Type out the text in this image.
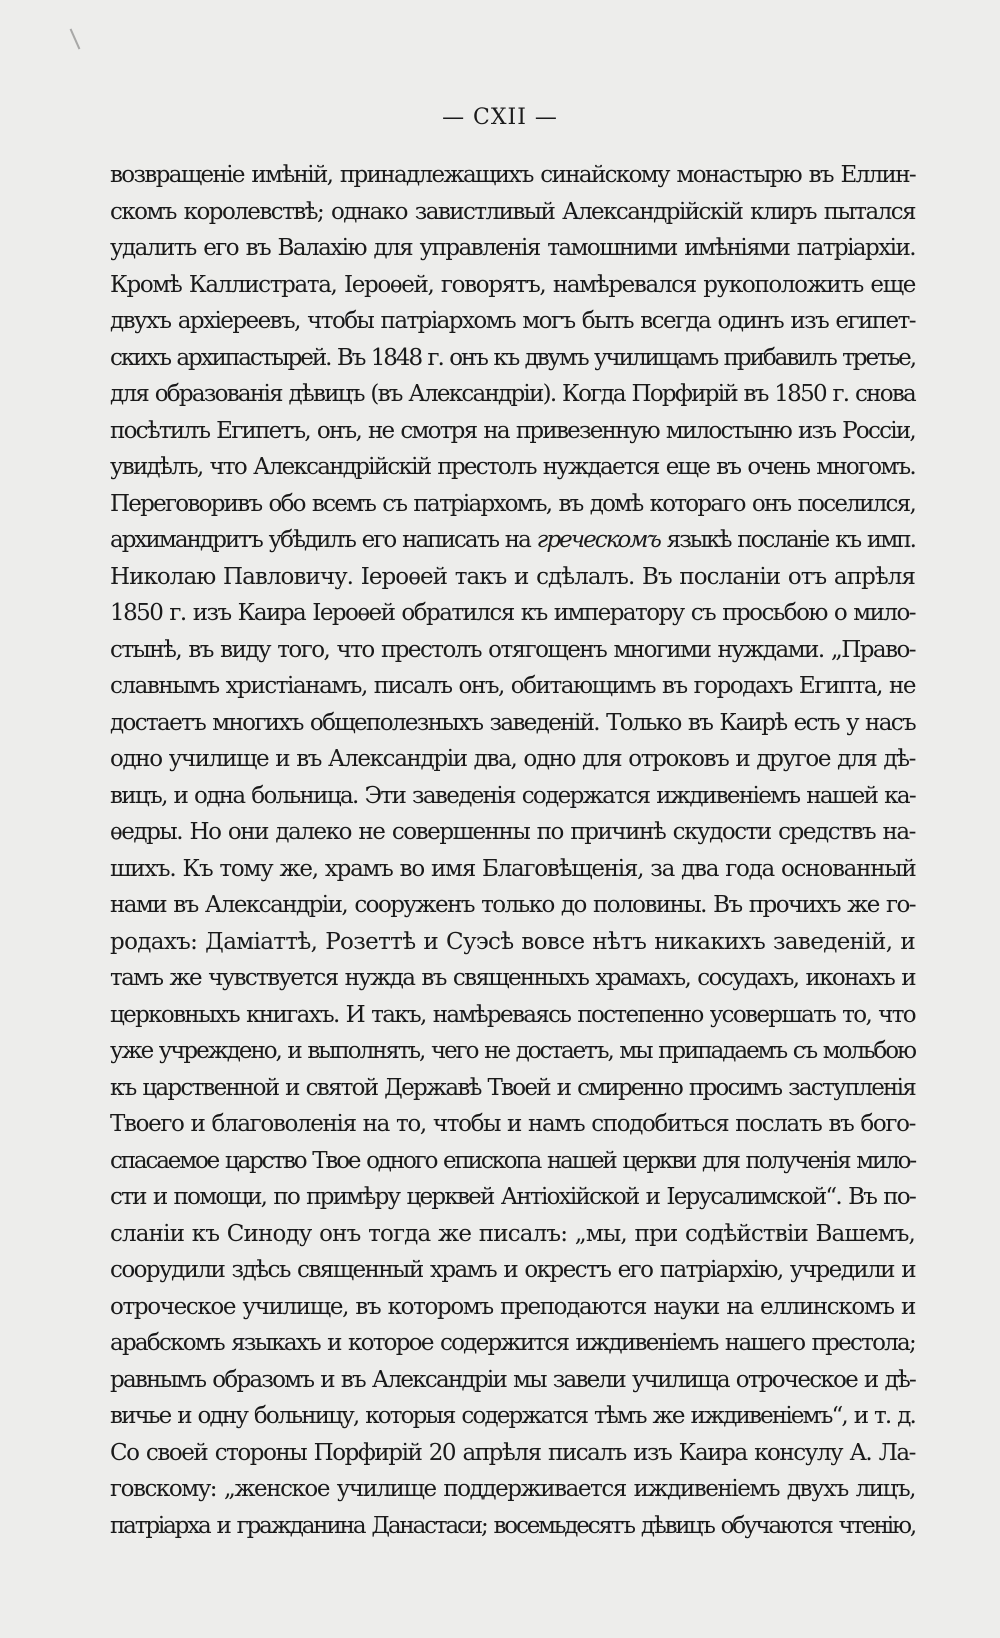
— CXII —
возвращеніе имѣній, принадлежащихъ синайскому монастырю въ Еллин-
скомъ королевствѣ; однако завистливый Александрійскій клиръ пытался
удалить его въ Валахію для управленія тамошними имѣніями патріархіи.
Кромѣ Каллистрата, Іероѳей, говорятъ, намѣревался рукоположить еще
двухъ архіереевъ, чтобы патріархомъ могъ быть всегда одинъ изъ египет-
скихъ архипастырей. Въ 1848 г. онъ къ двумъ училищамъ прибавилъ третье,
для образованія дѣвицъ (въ Александріи). Когда Порфирій въ 1850 г. снова
посѣтилъ Египетъ, онъ, не смотря на привезенную милостыню изъ Россіи,
увидѣлъ, что Александрійскій престолъ нуждается еще въ очень многомъ.
Переговоривъ обо всемъ съ патріархомъ, въ домѣ котораго онъ поселился,
архимандритъ убѣдилъ его написать на греческомъ языкѣ посланіе къ имп.
Николаю Павловичу. Іероѳей такъ и сдѣлалъ. Въ посланіи отъ апрѣля
1850 г. изъ Каира Іероѳей обратился къ императору съ просьбою о мило-
стынѣ, въ виду того, что престолъ отягощенъ многими нуждами. „Право-
славнымъ христіанамъ, писалъ онъ, обитающимъ въ городахъ Египта, не
достаетъ многихъ общеполезныхъ заведеній. Только въ Каирѣ есть у насъ
одно училище и въ Александріи два, одно для отроковъ и другое для дѣ-
вицъ, и одна больница. Эти заведенія содержатся иждивеніемъ нашей ка-
ѳедры. Но они далеко не совершенны по причинѣ скудости средствъ на-
шихъ. Къ тому же, храмъ во имя Благовѣщенія, за два года основанный
нами въ Александріи, сооруженъ только до половины. Въ прочихъ же го-
родахъ: Даміаттѣ, Розеттѣ и Суэсѣ вовсе нѣтъ никакихъ заведеній, и
тамъ же чувствуется нужда въ священныхъ храмахъ, сосудахъ, иконахъ и
церковныхъ книгахъ. И такъ, намѣреваясь постепенно усовершать то, что
уже учреждено, и выполнять, чего не достаетъ, мы припадаемъ съ мольбою
къ царственной и святой Державѣ Твоей и смиренно просимъ заступленія
Твоего и благоволенія на то, чтобы и намъ сподобиться послать въ бого-
спасаемое царство Твое одного епископа нашей церкви для полученія мило-
сти и помощи, по примѣру церквей Антіохійской и Іерусалимской“. Въ по-
сланіи къ Синоду онъ тогда же писалъ: „мы, при содѣйствіи Вашемъ,
соорудили здѣсь священный храмъ и окрестъ его патріархію, учредили и
отроческое училище, въ которомъ преподаются науки на еллинскомъ и
арабскомъ языкахъ и которое содержится иждивеніемъ нашего престола;
равнымъ образомъ и въ Александріи мы завели училища отроческое и дѣ-
вичье и одну больницу, которыя содержатся тѣмъ же иждивеніемъ“, и т. д.
Со своей стороны Порфирій 20 апрѣля писалъ изъ Каира консулу А. Ла-
говскому: „женское училище поддерживается иждивеніемъ двухъ лицъ,
патріарха и гражданина Данастаси; восемьдесятъ дѣвицъ обучаются чтенію,
